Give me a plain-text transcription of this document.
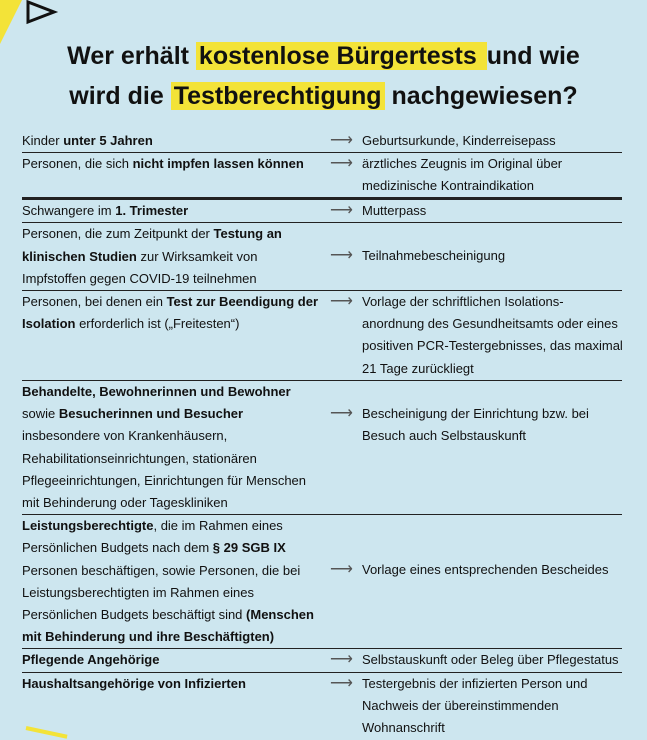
Wer erhält kostenlose Bürgertests und wie
wird die Testberechtigung nachgewiesen?
Kinder unter 5 Jahren	⟶ Geburtsurkunde, Kinderreisepass
Personen, die sich nicht impfen lassen können	⟶ ärztliches Zeugnis im Original über medizinische Kontraindikation
Schwangere im 1. Trimester	⟶ Mutterpass
Personen, die zum Zeitpunkt der Testung an klinischen Studien zur Wirksamkeit von Impfstoffen gegen COVID-19 teilnehmen
⟶ Teilnahmebescheinigung
Personen, bei denen ein Test zur Beendigung der Isolation erforderlich ist („Freitesten“)
⟶ Vorlage der schriftlichen Isolations- anordnung des Gesundheitsamts oder eines positiven PCR-Testergebnisses, das maximal 21 Tage zurückliegt
Behandelte, Bewohnerinnen und Bewohner sowie Besucherinnen und Besucher insbesondere von Krankenhäusern, Rehabilitationseinrichtungen, stationären Pflegeeinrichtungen, Einrichtungen für Menschen mit Behinderung oder Tageskliniken
⟶ Bescheinigung der Einrichtung bzw. bei Besuch auch Selbstauskunft
Leistungsberechtigte, die im Rahmen eines Persönlichen Budgets nach dem § 29 SGB IX Personen beschäftigen, sowie Personen, die bei Leistungsberechtigten im Rahmen eines Persönlichen Budgets beschäftigt sind (Menschen mit Behinderung und ihre Beschäftigten)
⟶ Vorlage eines entsprechenden Bescheides
Pflegende Angehörige	⟶ Selbstauskunft oder Beleg über Pflegestatus
Haushaltsangehörige von Infizierten	⟶ Testergebnis der infizierten Person und Nachweis der übereinstimmenden Wohnanschrift
